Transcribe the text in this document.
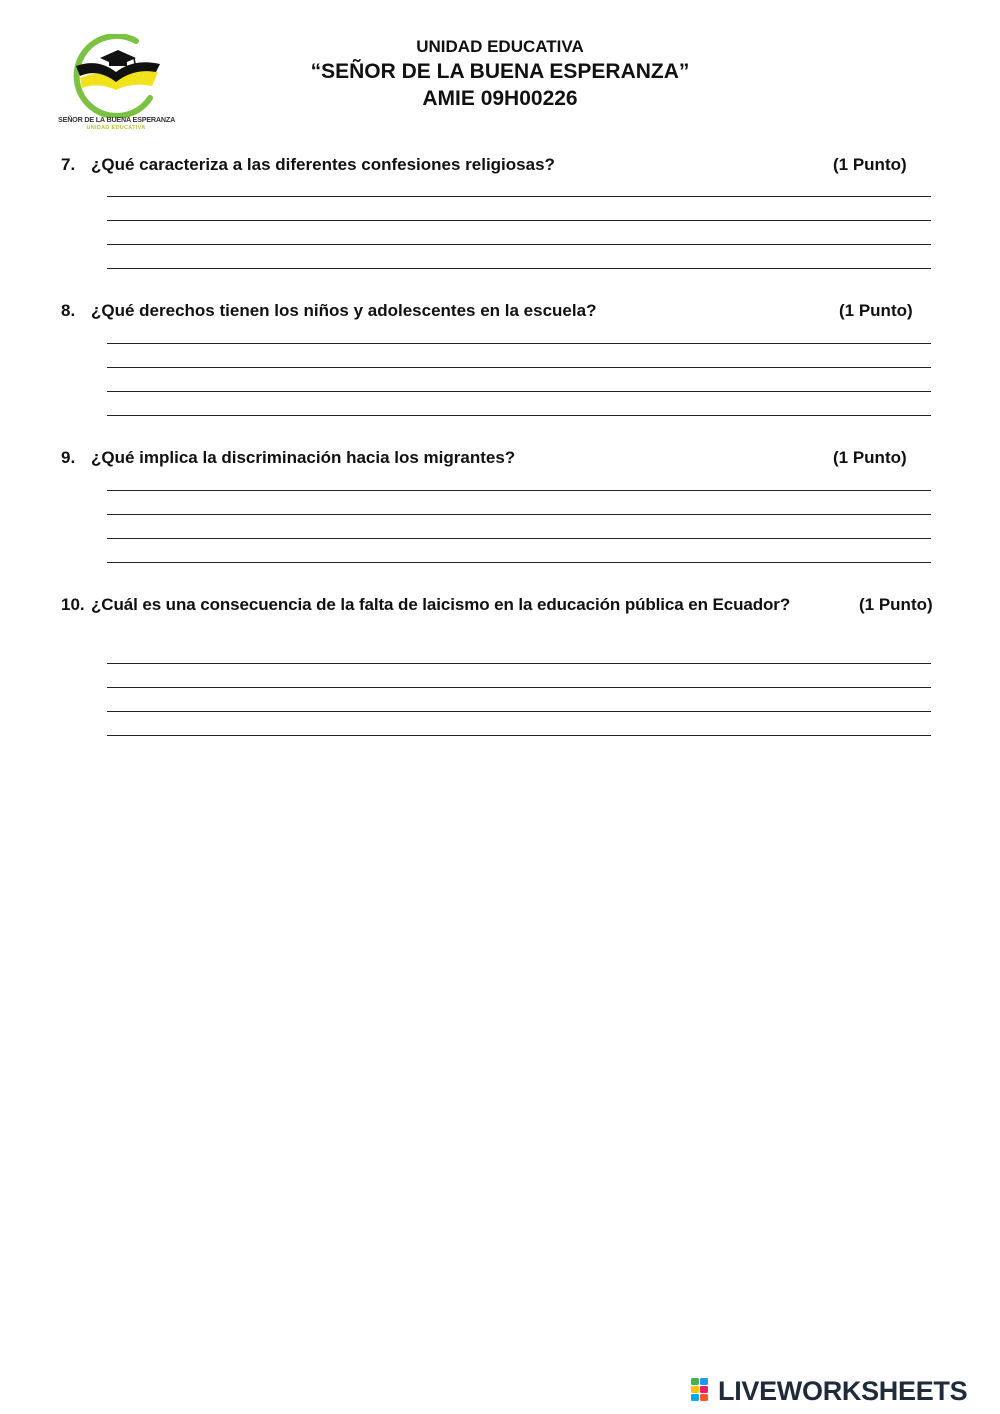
SEÑOR DE LA BUENA ESPERANZA
UNIDAD EDUCATIVA
UNIDAD EDUCATIVA
“SEÑOR DE LA BUENA ESPERANZA”
AMIE 09H00226
7. ¿Qué caracteriza a las diferentes confesiones religiosas?	(1 Punto)
8. ¿Qué derechos tienen los niños y adolescentes en la escuela?	(1 Punto)
9. ¿Qué implica la discriminación hacia los migrantes?	(1 Punto)
10. ¿Cuál es una consecuencia de la falta de laicismo en la educación pública en Ecuador?	(1 Punto)
LIVEWORKSHEETS
